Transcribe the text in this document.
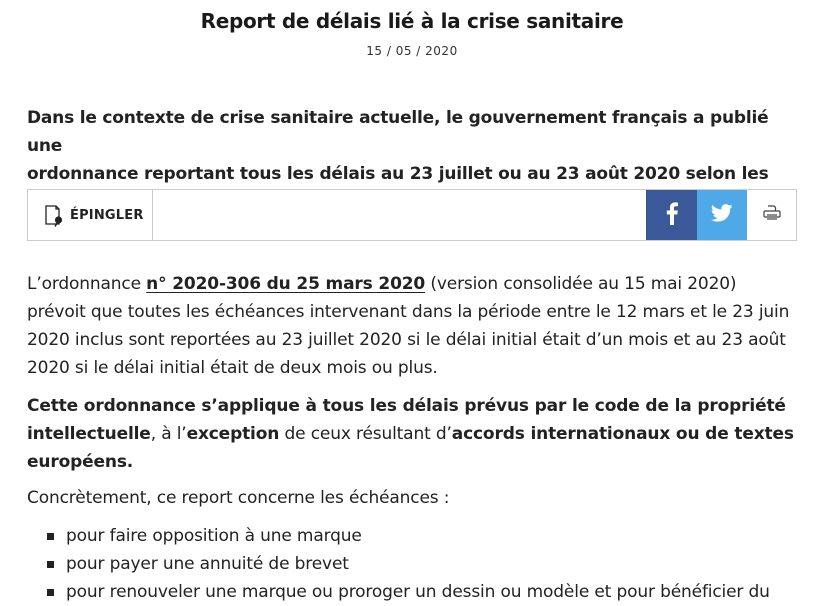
Report de délais lié à la crise sanitaire
15 / 05 / 2020
Dans le contexte de crise sanitaire actuelle, le gouvernement français a publié une
ordonnance reportant tous les délais au 23 juillet ou au 23 août 2020 selon les
ÉPINGLER

L’ordonnance n° 2020-306 du 25 mars 2020 (version consolidée au 15 mai 2020) prévoit que toutes les échéances intervenant dans la période entre le 12 mars et le 23 juin 2020 inclus sont reportées au 23 juillet 2020 si le délai initial était d’un mois et au 23 août 2020 si le délai initial était de deux mois ou plus.

Cette ordonnance s’applique à tous les délais prévus par le code de la propriété intellectuelle, à l’exception de ceux résultant d’accords internationaux ou de textes européens.

Concrètement, ce report concerne les échéances :

pour faire opposition à une marque
pour payer une annuité de brevet
pour renouveler une marque ou proroger un dessin ou modèle et pour bénéficier du
